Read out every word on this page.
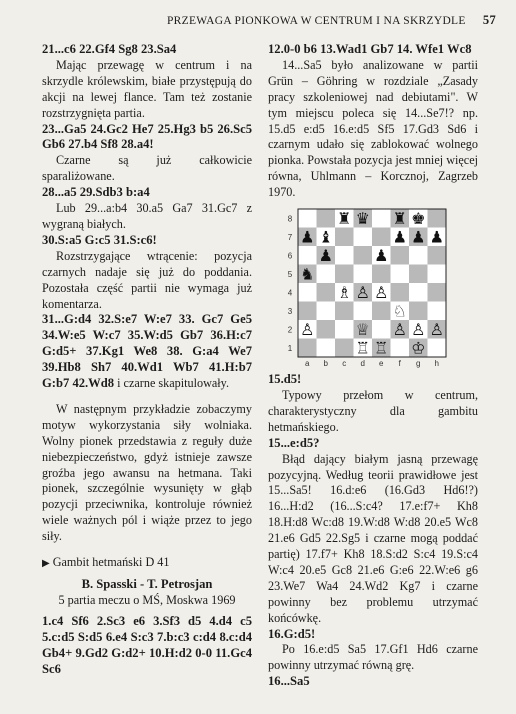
PRZEWAGA PIONKOWA W CENTRUM I NA SKRZYDLE 57

21...c6 22.Gf4 Sg8 23.Sa4

Mając przewagę w centrum i na skrzydle królewskim, białe przystępują do akcji na lewej flance. Tam też zostanie rozstrzygnięta partia.

23...Ga5 24.Gc2 He7 25.Hg3 b5 26.Sc5 Gb6 27.b4 Sf8 28.a4!

Czarne są już całkowicie sparaliżowane.

28...a5 29.Sdb3 b:a4

Lub 29...a:b4 30.a5 Ga7 31.Gc7 z wygraną białych.

30.S:a5 G:c5 31.S:c6!

Rozstrzygające wtrącenie: pozycja czarnych nadaje się już do poddania. Pozostała część partii nie wymaga już komentarza.

31...G:d4 32.S:e7 W:e7 33. Gc7 Ge5 34.W:e5 W:c7 35.W:d5 Gb7 36.H:c7 G:d5+ 37.Kg1 We8 38. G:a4 We7 39.Hb8 Sh7 40.Wd1 Wb7 41.H:b7 G:b7 42.Wd8 i czarne skapitulowały.

W następnym przykładzie zobaczymy motyw wykorzystania siły wolniaka. Wolny pionek przedstawia z reguły duże niebezpieczeństwo, gdyż istnieje zawsze groźba jego awansu na hetmana. Taki pionek, szczególnie wysunięty w głąb pozycji przeciwnika, kontroluje również wiele ważnych pól i wiąże przez to jego siły.

▶ Gambit hetmański D 41

B. Spasski - T. Petrosjan

5 partia meczu o MŚ, Moskwa 1969

1.c4 Sf6 2.Sc3 e6 3.Sf3 d5 4.d4 c5 5.c:d5 S:d5 6.e4 S:c3 7.b:c3 c:d4 8.c:d4 Gb4+ 9.Gd2 G:d2+ 10.H:d2 0-0 11.Gc4 Sc6

12.0-0 b6 13.Wad1 Gb7 14. Wfe1 Wc8

14...Sa5 było analizowane w partii Grün – Göhring w rozdziale „Zasady pracy szkoleniowej nad debiutami". W tym miejscu poleca się 14...Se7!? np. 15.d5 e:d5 16.e:d5 Sf5 17.Gd3 Sd6 i czarnym udało się zablokować wolnego pionka. Powstała pozycja jest mniej więcej równa, Uhlmann – Korcznoj, Zagrzeb 1970.

8
7
6
5
4
3
2
1
a b c d e f g h
♜ ♛ ♜ ♚
♟ ♝	♟ ♟ ♟
♟	♟
♞
♗ ♙ ♙
♘
♙	♕ ♙ ♙ ♙
♖ ♖ ♔

15.d5!

Typowy przełom w centrum, charakterystyczny dla gambitu hetmańskiego.

15...e:d5?

Błąd dający białym jasną przewagę pozycyjną. Według teorii prawidłowe jest 15...Sa5! 16.d:e6 (16.Gd3 Hd6!?) 16...H:d2 (16...S:c4? 17.e:f7+ Kh8 18.H:d8 Wc:d8 19.W:d8 W:d8 20.e5 Wc8 21.e6 Gd5 22.Sg5 i czarne mogą poddać partię) 17.f7+ Kh8 18.S:d2 S:c4 19.S:c4 W:c4 20.e5 Gc8 21.e6 G:e6 22.W:e6 g6 23.We7 Wa4 24.Wd2 Kg7 i czarne powinny bez problemu utrzymać końcówkę.

16.G:d5!

Po 16.e:d5 Sa5 17.Gf1 Hd6 czarne powinny utrzymać równą grę.

16...Sa5
